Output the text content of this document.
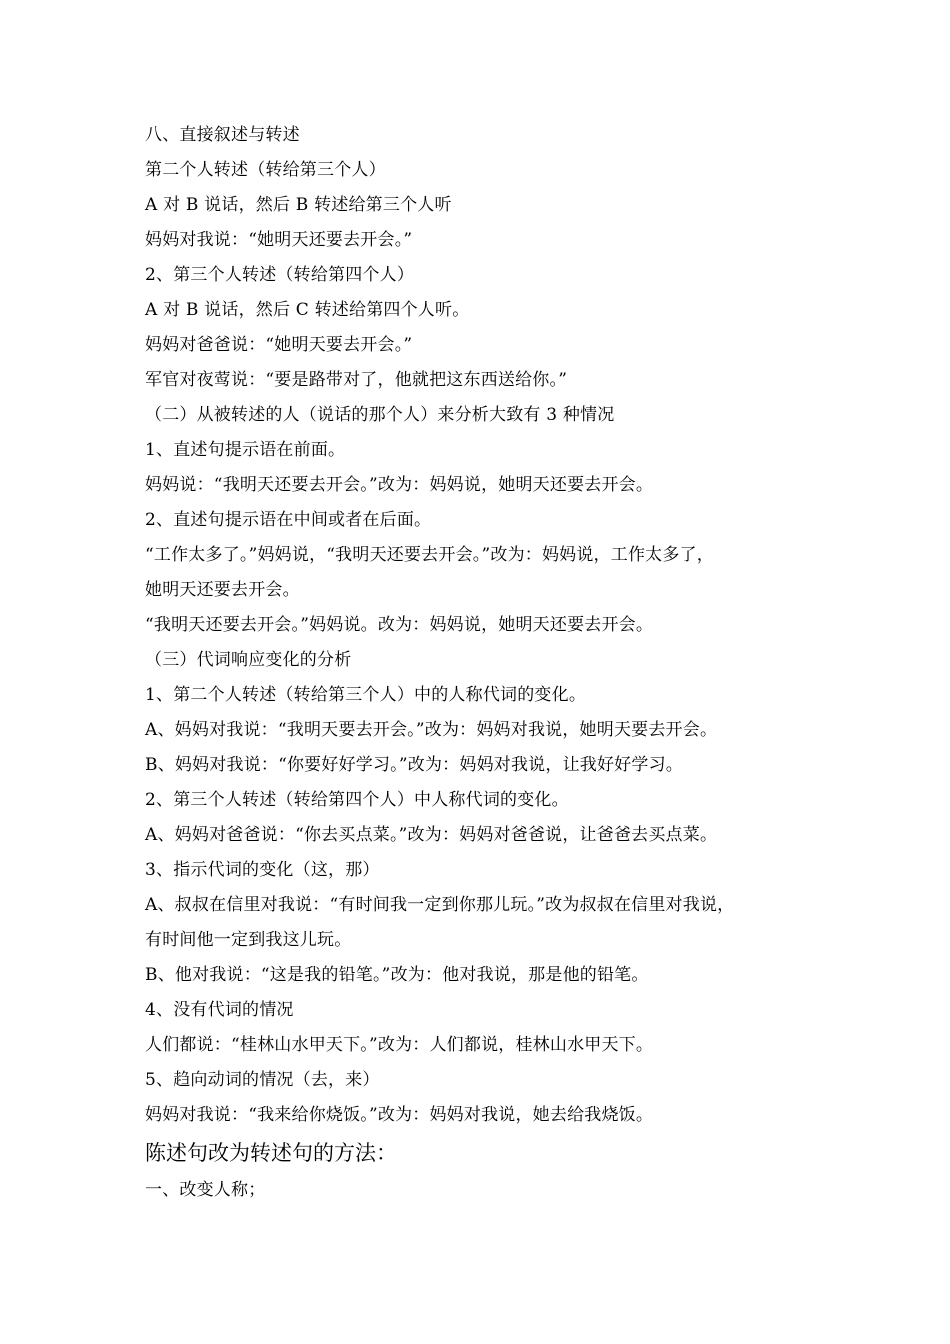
八、直接叙述与转述
第二个人转述（转给第三个人）
A 对 B 说话，然后 B 转述给第三个人听
妈妈对我说：“她明天还要去开会。”
2、第三个人转述（转给第四个人）
A 对 B 说话，然后 C 转述给第四个人听。
妈妈对爸爸说：“她明天要去开会。”
军官对夜莺说：“要是路带对了，他就把这东西送给你。”
（二）从被转述的人（说话的那个人）来分析大致有 3 种情况
1、直述句提示语在前面。
妈妈说：“我明天还要去开会。”改为：妈妈说，她明天还要去开会。
2、直述句提示语在中间或者在后面。
“工作太多了。”妈妈说，“我明天还要去开会。”改为：妈妈说，工作太多了，
她明天还要去开会。
“我明天还要去开会。”妈妈说。改为：妈妈说，她明天还要去开会。
（三）代词响应变化的分析
1、第二个人转述（转给第三个人）中的人称代词的变化。
A、妈妈对我说：“我明天要去开会。”改为：妈妈对我说，她明天要去开会。
B、妈妈对我说：“你要好好学习。”改为：妈妈对我说，让我好好学习。
2、第三个人转述（转给第四个人）中人称代词的变化。
A、妈妈对爸爸说：“你去买点菜。”改为：妈妈对爸爸说，让爸爸去买点菜。
3、指示代词的变化（这，那）
A、叔叔在信里对我说：“有时间我一定到你那儿玩。”改为叔叔在信里对我说，
有时间他一定到我这儿玩。
B、他对我说：“这是我的铅笔。”改为：他对我说，那是他的铅笔。
4、没有代词的情况
人们都说：“桂林山水甲天下。”改为：人们都说，桂林山水甲天下。
5、趋向动词的情况（去，来）
妈妈对我说：“我来给你烧饭。”改为：妈妈对我说，她去给我烧饭。
陈述句改为转述句的方法：
一、改变人称；
